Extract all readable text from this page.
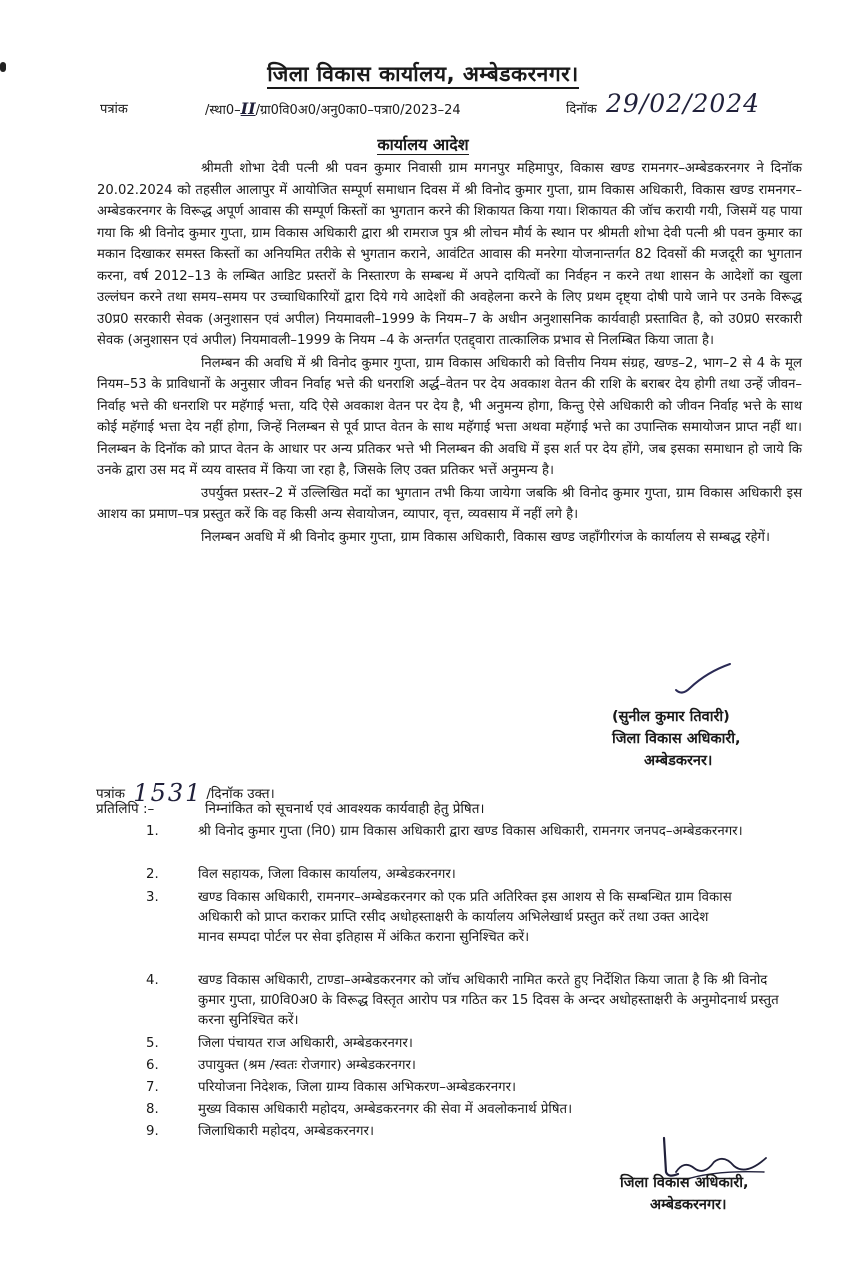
जिला विकास कार्यालय, अम्बेडकरनगर।
पत्रांक	/स्था0–II/ग्रा0वि0अ0/अनु0का0–पत्रा0/2023–24	दिनॉक 29/02/2024
कार्यालय आदेश

श्रीमती शोभा देवी पत्नी श्री पवन कुमार निवासी ग्राम मगनपुर महिमापुर, विकास खण्ड रामनगर–अम्बेडकरनगर ने दिनॉक 20.02.2024 को तहसील आलापुर में आयोजित सम्पूर्ण समाधान दिवस में श्री विनोद कुमार गुप्ता, ग्राम विकास अधिकारी, विकास खण्ड रामनगर–अम्बेडकरनगर के विरूद्ध अपूर्ण आवास की सम्पूर्ण किस्तों का भुगतान करने की शिकायत किया गया। शिकायत की जॉच करायी गयी, जिसमें यह पाया गया कि श्री विनोद कुमार गुप्ता, ग्राम विकास अधिकारी द्वारा श्री रामराज पुत्र श्री लोचन मौर्य के स्थान पर श्रीमती शोभा देवी पत्नी श्री पवन कुमार का मकान दिखाकर समस्त किस्तों का अनियमित तरीके से भुगतान कराने, आवंटित आवास की मनरेगा योजनान्तर्गत 82 दिवसों की मजदूरी का भुगतान करना, वर्ष 2012–13 के लम्बित आडिट प्रस्तरों के निस्तारण के सम्बन्ध में अपने दायित्वों का निर्वहन न करने तथा शासन के आदेशों का खुला उल्लंघन करने तथा समय–समय पर उच्चाधिकारियों द्वारा दिये गये आदेशों की अवहेलना करने के लिए प्रथम दृष्ट्या दोषी पाये जाने पर उनके विरूद्ध उ0प्र0 सरकारी सेवक (अनुशासन एवं अपील) नियमावली–1999 के नियम–7 के अधीन अनुशासनिक कार्यवाही प्रस्तावित है, को उ0प्र0 सरकारी सेवक (अनुशासन एवं अपील) नियमावली–1999 के नियम –4 के अन्तर्गत एतद्द्वारा तात्कालिक प्रभाव से निलम्बित किया जाता है।

निलम्बन की अवधि में श्री विनोद कुमार गुप्ता, ग्राम विकास अधिकारी को वित्तीय नियम संग्रह, खण्ड–2, भाग–2 से 4 के मूल नियम–53 के प्राविधानों के अनुसार जीवन निर्वाह भत्ते की धनराशि अर्द्ध–वेतन पर देय अवकाश वेतन की राशि के बराबर देय होगी तथा उन्हें जीवन–निर्वाह भत्ते की धनराशि पर महॅगाई भत्ता, यदि ऐसे अवकाश वेतन पर देय है, भी अनुमन्य होगा, किन्तु ऐसे अधिकारी को जीवन निर्वाह भत्ते के साथ कोई महॅगाई भत्ता देय नहीं होगा, जिन्हें निलम्बन से पूर्व प्राप्त वेतन के साथ महॅगाई भत्ता अथवा महॅगाई भत्ते का उपान्तिक समायोजन प्राप्त नहीं था। निलम्बन के दिनॉक को प्राप्त वेतन के आधार पर अन्य प्रतिकर भत्ते भी निलम्बन की अवधि में इस शर्त पर देय होंगे, जब इसका समाधान हो जाये कि उनके द्वारा उस मद में व्यय वास्तव में किया जा रहा है, जिसके लिए उक्त प्रतिकर भत्तें अनुमन्य है।

उपर्युक्त प्रस्तर–2 में उल्लिखित मदों का भुगतान तभी किया जायेगा जबकि श्री विनोद कुमार गुप्ता, ग्राम विकास अधिकारी इस आशय का प्रमाण–पत्र प्रस्तुत करें कि वह किसी अन्य सेवायोजन, व्यापार, वृत्त, व्यवसाय में नहीं लगे है।

निलम्बन अवधि में श्री विनोद कुमार गुप्ता, ग्राम विकास अधिकारी, विकास खण्ड जहॉंगीरगंज के कार्यालय से सम्बद्ध रहेगें।

(सुनील कुमार तिवारी)
जिला विकास अधिकारी,
अम्बेडकरनर।
पत्रांक 1531 /दिनॉक उक्त।
प्रतिलिपि :–	निम्नांकित को सूचनार्थ एवं आवश्यक कार्यवाही हेतु प्रेषित।
1.	श्री विनोद कुमार गुप्ता (नि0) ग्राम विकास अधिकारी द्वारा खण्ड विकास अधिकारी, रामनगर जनपद–अम्बेडकरनगर।
2.	विल सहायक, जिला विकास कार्यालय, अम्बेडकरनगर।
3.	खण्ड विकास अधिकारी, रामनगर–अम्बेडकरनगर को एक प्रति अतिरिक्त इस आशय से कि सम्बन्धित ग्राम विकास अधिकारी को प्राप्त कराकर प्राप्ति रसीद अधोहस्ताक्षरी के कार्यालय अभिलेखार्थ प्रस्तुत करें तथा उक्त आदेश मानव सम्पदा पोर्टल पर सेवा इतिहास में अंकित कराना सुनिश्चित करें।
4.	खण्ड विकास अधिकारी, टाण्डा–अम्बेडकरनगर को जॉच अधिकारी नामित करते हुए निर्देशित किया जाता है कि श्री विनोद कुमार गुप्ता, ग्रा0वि0अ0 के विरूद्ध विस्तृत आरोप पत्र गठित कर 15 दिवस के अन्दर अधोहस्ताक्षरी के अनुमोदनार्थ प्रस्तुत करना सुनिश्चित करें।
5.	जिला पंचायत राज अधिकारी, अम्बेडकरनगर।
6.	उपायुक्त (श्रम /स्वतः रोजगार) अम्बेडकरनगर।
7.	परियोजना निदेशक, जिला ग्राम्य विकास अभिकरण–अम्बेडकरनगर।
8.	मुख्य विकास अधिकारी महोदय, अम्बेडकरनगर की सेवा में अवलोकनार्थ प्रेषित।
9.	जिलाधिकारी महोदय, अम्बेडकरनगर।
जिला विकास अधिकारी,
अम्बेडकरनगर।
